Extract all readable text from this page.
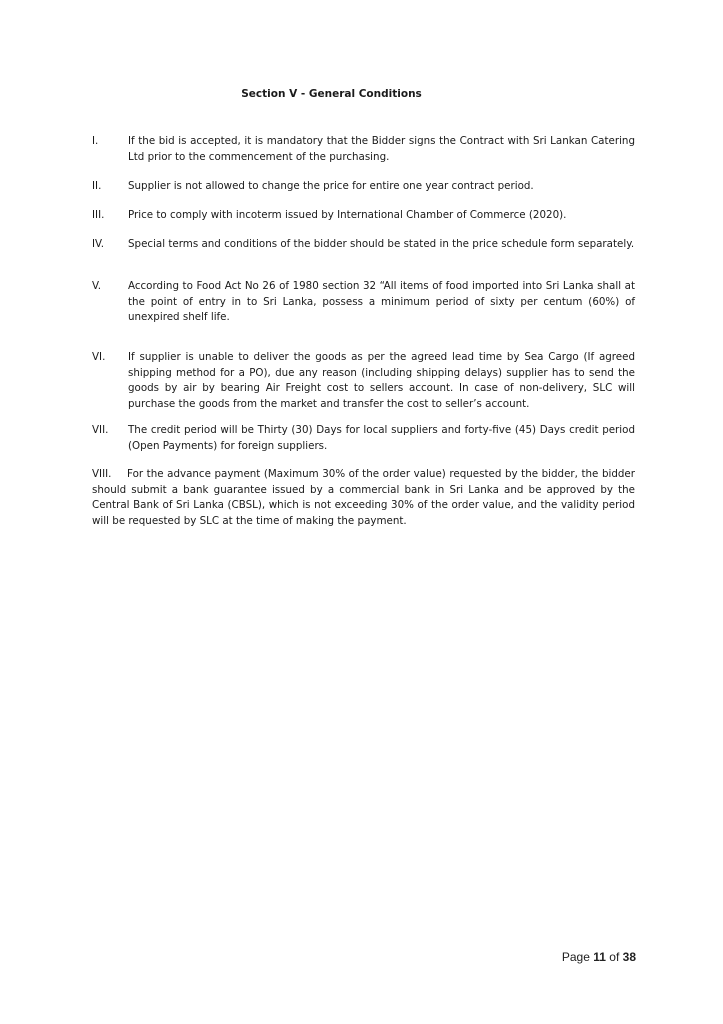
Section V - General Conditions
I.	If the bid is accepted, it is mandatory that the Bidder signs the Contract with Sri Lankan Catering Ltd prior to the commencement of the purchasing.
II.	Supplier is not allowed to change the price for entire one year contract period.
III.	Price to comply with incoterm issued by International Chamber of Commerce (2020).
IV.	Special terms and conditions of the bidder should be stated in the price schedule form separately.
V.	According to Food Act No 26 of 1980 section 32 “All items of food imported into Sri Lanka shall at the point of entry in to Sri Lanka, possess a minimum period of sixty per centum (60%) of unexpired shelf life.
VI.	If supplier is unable to deliver the goods as per the agreed lead time by Sea Cargo (If agreed shipping method for a PO), due any reason (including shipping delays) supplier has to send the goods by air by bearing Air Freight cost to sellers account. In case of non-delivery, SLC will purchase the goods from the market and transfer the cost to seller’s account.
VII.	The credit period will be Thirty (30) Days for local suppliers and forty-five (45) Days credit period (Open Payments) for foreign suppliers.
VIII. For the advance payment (Maximum 30% of the order value) requested by the bidder, the bidder should submit a bank guarantee issued by a commercial bank in Sri Lanka and be approved by the Central Bank of Sri Lanka (CBSL), which is not exceeding 30% of the order value, and the validity period will be requested by SLC at the time of making the payment.
Page 11 of 38
